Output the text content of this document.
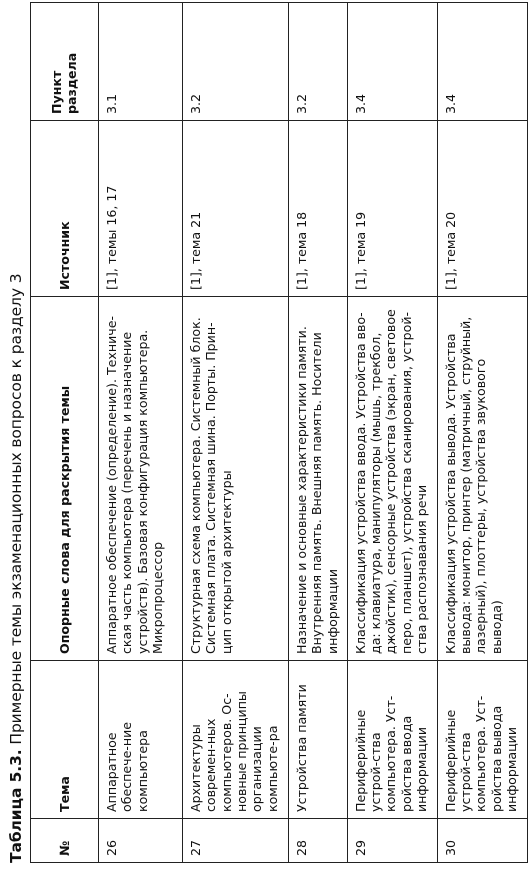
Таблица 5.3. Примерные темы экзаменационных вопросов к разделу 3
№	Тема	Опорные слова для раскрытия темы	Источник	Пункт раздела
26	Аппаратное обеспече-ние компьютера	Аппаратное обеспечение (определение). Техниче-ская часть компьютера (перечень и назначение устройств). Базовая конфигурация компьютера. Микропроцессор	[1], темы 16, 17	3.1
27	Архитектуры современ-ных компьютеров. Ос-новные принципы организации компьюте-ра	Структурная схема компьютера. Системный блок. Системная плата. Системная шина. Порты. Прин-цип открытой архитектуры	[1], тема 21	3.2
28	Устройства памяти	Назначение и основные характеристики памяти. Внутренняя память. Внешняя память. Носители информации	[1], тема 18	3.2
29	Периферийные устрой-ства компьютера. Уст-ройства ввода информации	Классификация устройства ввода. Устройства вво-да: клавиатура, манипуляторы (мышь, трекбол, джойстик), сенсорные устройства (экран, световое перо, планшет), устройства сканирования, устрой-ства распознавания речи	[1], тема 19	3.4
30	Периферийные устрой-ства компьютера. Уст-ройства вывода информации	Классификация устройства вывода. Устройства вывода: монитор, принтер (матричный, струйный, лазерный), плоттеры, устройства звукового вывода)	[1], тема 20	3.4
